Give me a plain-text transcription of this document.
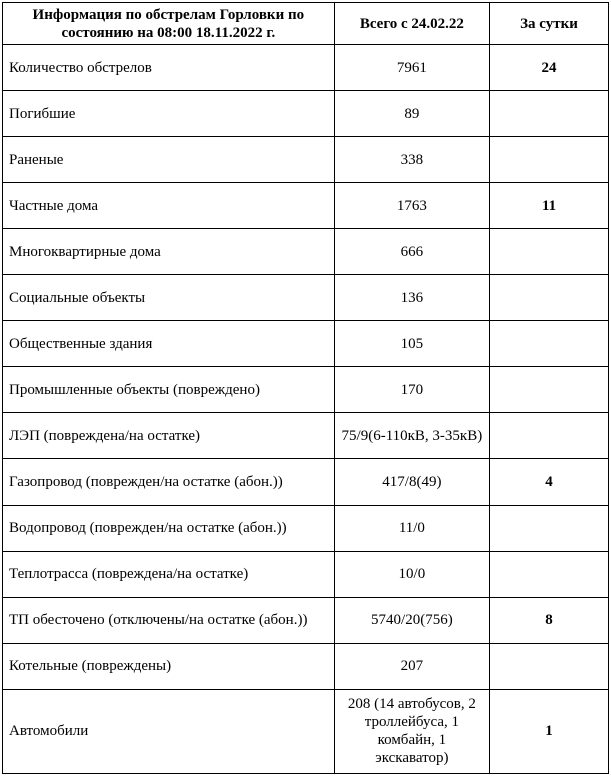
Информация по обстрелам Горловки по состоянию на 08:00 18.11.2022 г.	Всего с 24.02.22	За сутки
Количество обстрелов	7961	24
Погибшие	89	
Раненые	338	
Частные дома	1763	11
Многоквартирные дома	666	
Социальные объекты	136	
Общественные здания	105	
Промышленные объекты (повреждено)	170	
ЛЭП (повреждена/на остатке)	75/9(6-110кВ, 3-35кВ)	
Газопровод (поврежден/на остатке (абон.))	417/8(49)	4
Водопровод (поврежден/на остатке (абон.))	11/0	
Теплотрасса (повреждена/на остатке)	10/0	
ТП обесточено (отключены/на остатке (абон.))	5740/20(756)	8
Котельные (повреждены)	207	
Автомобили	208 (14 автобусов, 2 троллейбуса, 1 комбайн, 1 экскаватор)	1
